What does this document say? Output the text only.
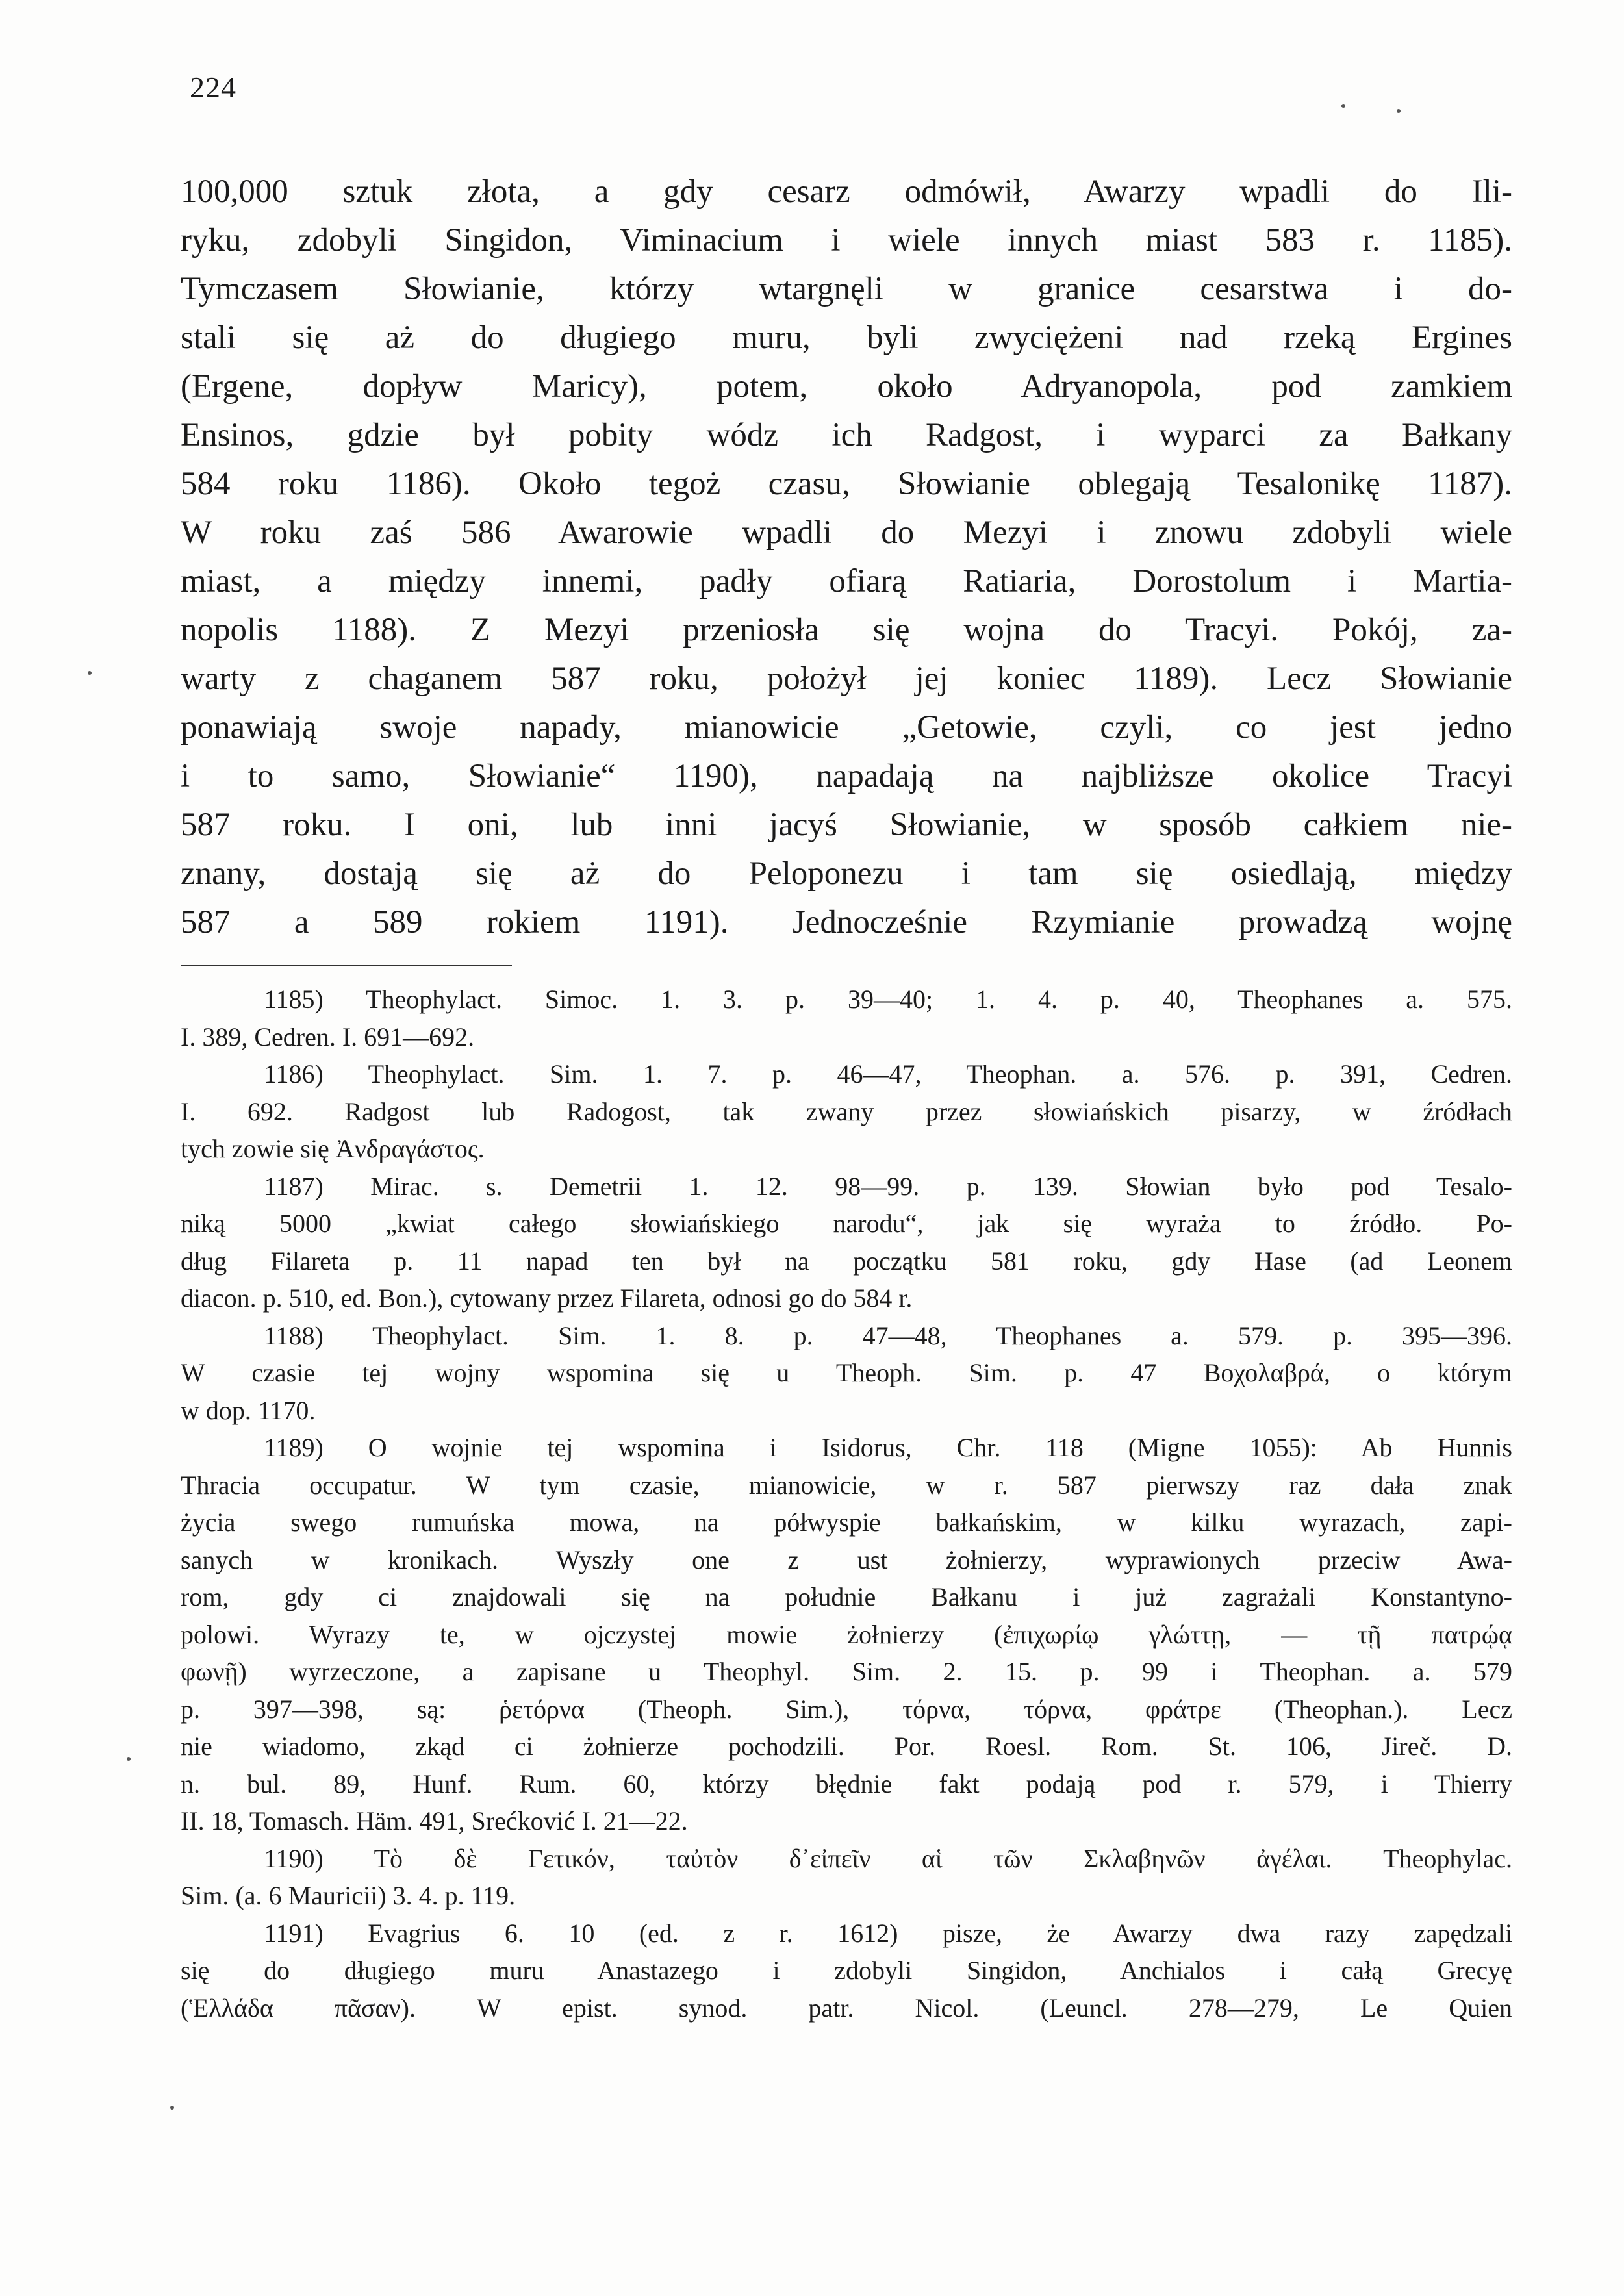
224
100,000 sztuk złota, a gdy cesarz odmówił, Awarzy wpadli do Ili-
ryku, zdobyli Singidon, Viminacium i wiele innych miast 583 r. 1185).
Tymczasem Słowianie, którzy wtargnęli w granice cesarstwa i do-
stali się aż do długiego muru, byli zwyciężeni nad rzeką Ergines
(Ergene, dopływ Maricy), potem, około Adryanopola, pod zamkiem
Ensinos, gdzie był pobity wódz ich Radgost, i wyparci za Bałkany
584 roku 1186). Około tegoż czasu, Słowianie oblegają Tesalonikę 1187).
W roku zaś 586 Awarowie wpadli do Mezyi i znowu zdobyli wiele
miast, a między innemi, padły ofiarą Ratiaria, Dorostolum i Martia-
nopolis 1188). Z Mezyi przeniosła się wojna do Tracyi. Pokój, za-
warty z chaganem 587 roku, położył jej koniec 1189). Lecz Słowianie
ponawiają swoje napady, mianowicie „Getowie, czyli, co jest jedno
i to samo, Słowianie“ 1190), napadają na najbliższe okolice Tracyi
587 roku. I oni, lub inni jacyś Słowianie, w sposób całkiem nie-
znany, dostają się aż do Peloponezu i tam się osiedlają, między
587 a 589 rokiem 1191). Jednocześnie Rzymianie prowadzą wojnę
1185) Theophylact. Simoc. 1. 3. p. 39—40; 1. 4. p. 40, Theophanes a. 575.
I. 389, Cedren. I. 691—692.
1186) Theophylact. Sim. 1. 7. p. 46—47, Theophan. a. 576. p. 391, Cedren.
I. 692. Radgost lub Radogost, tak zwany przez słowiańskich pisarzy, w źródłach
tych zowie się Ἀνδραγάστος.
1187) Mirac. s. Demetrii 1. 12. 98—99. p. 139. Słowian było pod Tesalo-
niką 5000 „kwiat całego słowiańskiego narodu“, jak się wyraża to źródło. Po-
dług Filareta p. 11 napad ten był na początku 581 roku, gdy Hase (ad Leonem
diacon. p. 510, ed. Bon.), cytowany przez Filareta, odnosi go do 584 r.
1188) Theophylact. Sim. 1. 8. p. 47—48, Theophanes a. 579. p. 395—396.
W czasie tej wojny wspomina się u Theoph. Sim. p. 47 Βοχολαβρά, o którym
w dop. 1170.
1189) O wojnie tej wspomina i Isidorus, Chr. 118 (Migne 1055): Ab Hunnis
Thracia occupatur. W tym czasie, mianowicie, w r. 587 pierwszy raz dała znak
życia swego rumuńska mowa, na półwyspie bałkańskim, w kilku wyrazach, zapi-
sanych w kronikach. Wyszły one z ust żołnierzy, wyprawionych przeciw Awa-
rom, gdy ci znajdowali się na południe Bałkanu i już zagrażali Konstantyno-
polowi. Wyrazy te, w ojczystej mowie żołnierzy (ἐπιχωρίῳ γλώττῃ, — τῇ πατρῴᾳ
φωνῇ) wyrzeczone, a zapisane u Theophyl. Sim. 2. 15. p. 99 i Theophan. a. 579
p. 397—398, są: ῥετόρνα (Theoph. Sim.), τόρνα, τόρνα, φράτρε (Theophan.). Lecz
nie wiadomo, zkąd ci żołnierze pochodzili. Por. Roesl. Rom. St. 106, Jireč. D.
n. bul. 89, Hunf. Rum. 60, którzy błędnie fakt podają pod r. 579, i Thierry
II. 18, Tomasch. Häm. 491, Srećković I. 21—22.
1190) Τὸ δὲ Γετικόν, ταὐτὸν δ᾽εἰπεῖν αἱ τῶν Σκλαβηνῶν ἀγέλαι. Theophylac.
Sim. (a. 6 Mauricii) 3. 4. p. 119.
1191) Evagrius 6. 10 (ed. z r. 1612) pisze, że Awarzy dwa razy zapędzali
się do długiego muru Anastazego i zdobyli Singidon, Anchialos i całą Grecyę
(Ἑλλάδα πᾶσαν). W epist. synod. patr. Nicol. (Leuncl. 278—279, Le Quien
